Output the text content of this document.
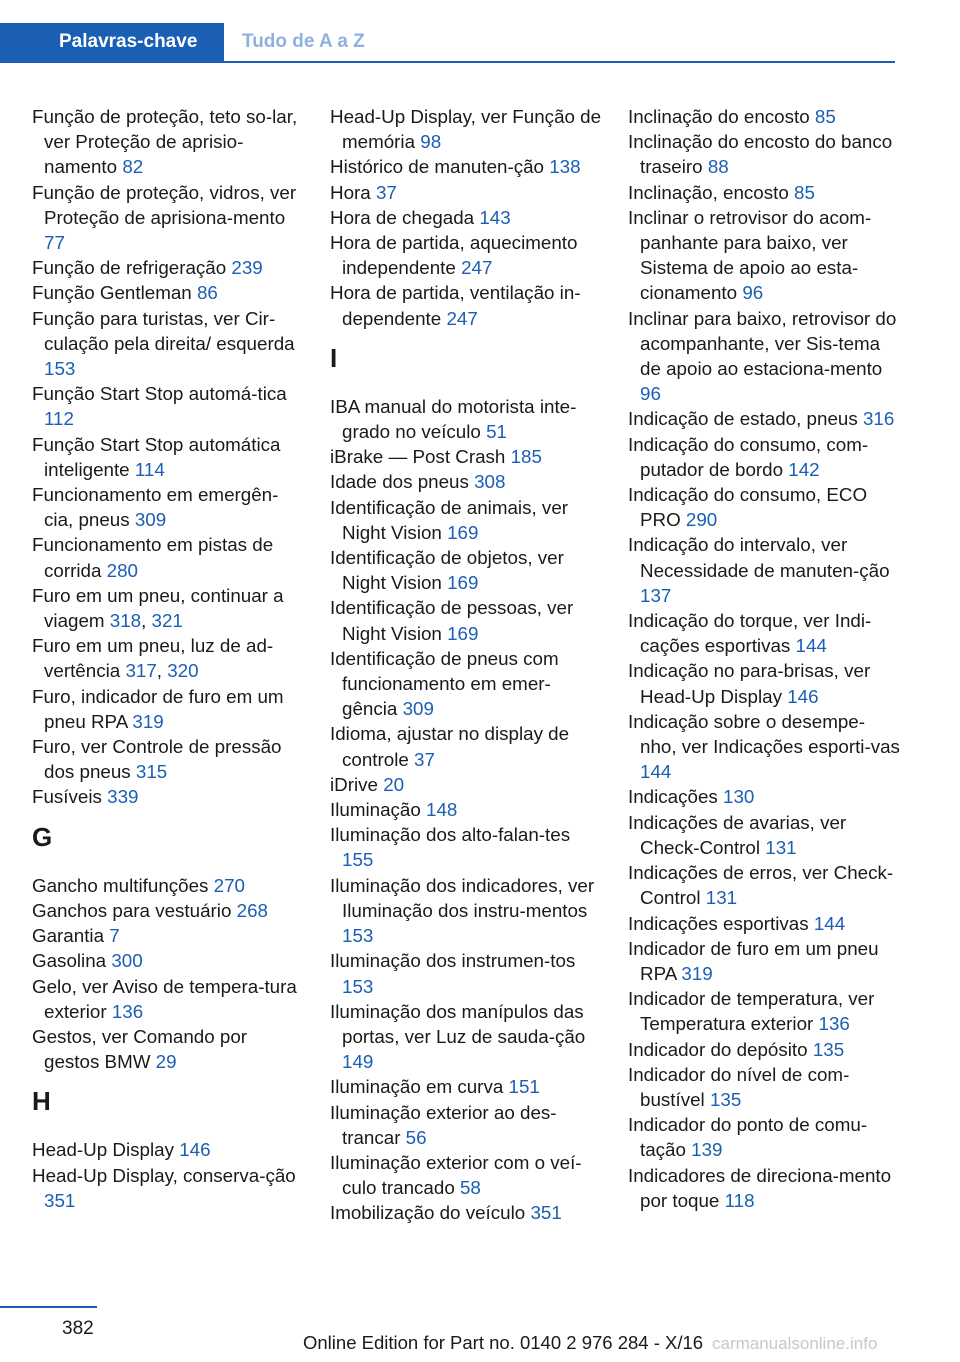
Palavras-chave	Tudo de A a Z
Função de proteção, teto so‐lar, ver Proteção de aprisio‐namento 82
Função de proteção, vidros, ver Proteção de aprisiona‐mento 77
Função de refrigeração 239
Função Gentleman 86
Função para turistas, ver Cir‐culação pela direita/ esquerda 153
Função Start Stop automá‐tica 112
Função Start Stop automática inteligente 114
Funcionamento em emergên‐cia, pneus 309
Funcionamento em pistas de corrida 280
Furo em um pneu, continuar a viagem 318, 321
Furo em um pneu, luz de ad‐vertência 317, 320
Furo, indicador de furo em um pneu RPA 319
Furo, ver Controle de pressão dos pneus 315
Fusíveis 339
G
Gancho multifunções 270
Ganchos para vestuário 268
Garantia 7
Gasolina 300
Gelo, ver Aviso de tempera‐tura exterior 136
Gestos, ver Comando por gestos BMW 29
H
Head-Up Display 146
Head-Up Display, conserva‐ção 351
Head-Up Display, ver Função de memória 98
Histórico de manuten‐ção 138
Hora 37
Hora de chegada 143
Hora de partida, aquecimento independente 247
Hora de partida, ventilação in‐dependente 247
I
IBA manual do motorista inte‐grado no veículo 51
iBrake — Post Crash 185
Idade dos pneus 308
Identificação de animais, ver Night Vision 169
Identificação de objetos, ver Night Vision 169
Identificação de pessoas, ver Night Vision 169
Identificação de pneus com funcionamento em emer‐gência 309
Idioma, ajustar no display de controle 37
iDrive 20
Iluminação 148
Iluminação dos alto-falan‐tes 155
Iluminação dos indicadores, ver Iluminação dos instru‐mentos 153
Iluminação dos instrumen‐tos 153
Iluminação dos manípulos das portas, ver Luz de sauda‐ção 149
Iluminação em curva 151
Iluminação exterior ao des‐trancar 56
Iluminação exterior com o veí‐culo trancado 58
Imobilização do veículo 351
Inclinação do encosto 85
Inclinação do encosto do banco traseiro 88
Inclinação, encosto 85
Inclinar o retrovisor do acom‐panhante para baixo, ver Sistema de apoio ao esta‐cionamento 96
Inclinar para baixo, retrovisor do acompanhante, ver Sis‐tema de apoio ao estaciona‐mento 96
Indicação de estado, pneus 316
Indicação do consumo, com‐putador de bordo 142
Indicação do consumo, ECO PRO 290
Indicação do intervalo, ver Necessidade de manuten‐ção 137
Indicação do torque, ver Indi‐cações esportivas 144
Indicação no para-brisas, ver Head-Up Display 146
Indicação sobre o desempe‐nho, ver Indicações esporti‐vas 144
Indicações 130
Indicações de avarias, ver Check-Control 131
Indicações de erros, ver Check-Control 131
Indicações esportivas 144
Indicador de furo em um pneu RPA 319
Indicador de temperatura, ver Temperatura exterior 136
Indicador do depósito 135
Indicador do nível de com‐bustível 135
Indicador do ponto de comu‐tação 139
Indicadores de direciona‐mento por toque 118
382
Online Edition for Part no. 0140 2 976 284 - X/16 carmanualsonline.info
